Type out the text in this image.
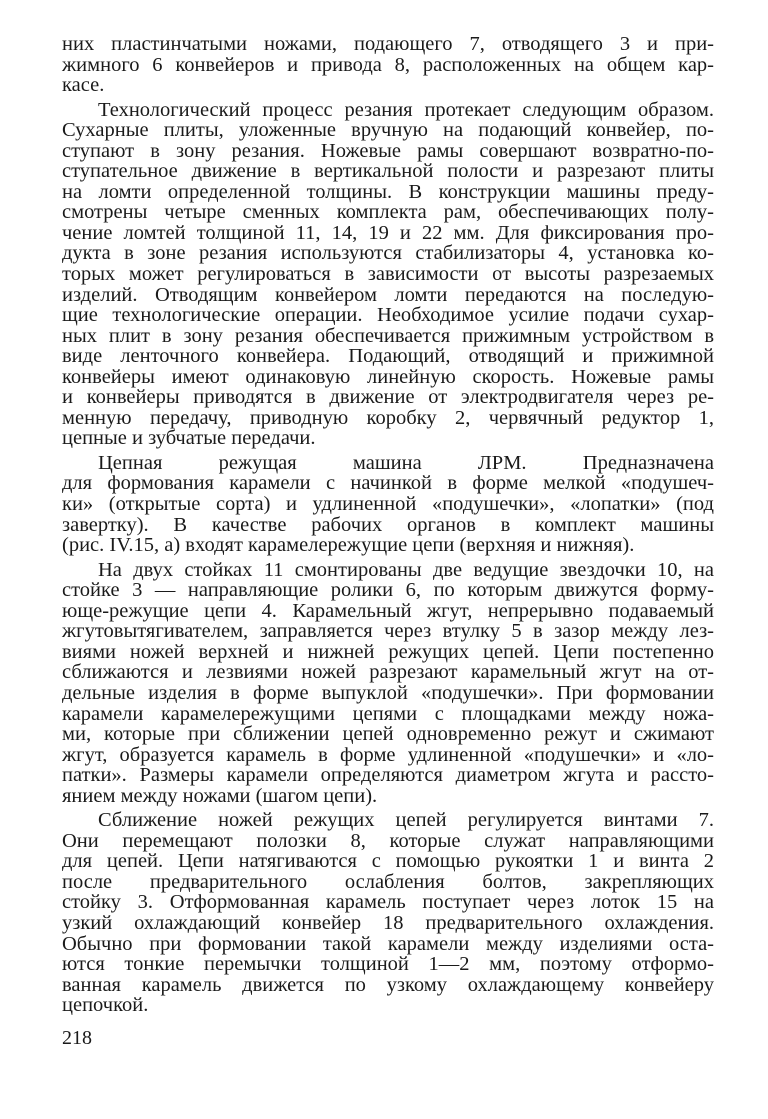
них пластинчатыми ножами, подающего 7, отводящего 3 и при-
жимного 6 конвейеров и привода 8, расположенных на общем кар-
касе.
Технологический процесс резания протекает следующим образом.
Сухарные плиты, уложенные вручную на подающий конвейер, по-
ступают в зону резания. Ножевые рамы совершают возвратно-по-
ступательное движение в вертикальной полости и разрезают плиты
на ломти определенной толщины. В конструкции машины преду-
смотрены четыре сменных комплекта рам, обеспечивающих полу-
чение ломтей толщиной 11, 14, 19 и 22 мм. Для фиксирования про-
дукта в зоне резания используются стабилизаторы 4, установка ко-
торых может регулироваться в зависимости от высоты разрезаемых
изделий. Отводящим конвейером ломти передаются на последую-
щие технологические операции. Необходимое усилие подачи сухар-
ных плит в зону резания обеспечивается прижимным устройством в
виде ленточного конвейера. Подающий, отводящий и прижимной
конвейеры имеют одинаковую линейную скорость. Ножевые рамы
и конвейеры приводятся в движение от электродвигателя через ре-
менную передачу, приводную коробку 2, червячный редуктор 1,
цепные и зубчатые передачи.
Цепная режущая машина ЛРМ. Предназначена
для формования карамели с начинкой в форме мелкой «подушеч-
ки» (открытые сорта) и удлиненной «подушечки», «лопатки» (под
завертку). В качестве рабочих органов в комплект машины
(рис. IV.15, а) входят карамелережущие цепи (верхняя и нижняя).
На двух стойках 11 смонтированы две ведущие звездочки 10, на
стойке 3 — направляющие ролики 6, по которым движутся форму-
юще-режущие цепи 4. Карамельный жгут, непрерывно подаваемый
жгутовытягивателем, заправляется через втулку 5 в зазор между лез-
виями ножей верхней и нижней режущих цепей. Цепи постепенно
сближаются и лезвиями ножей разрезают карамельный жгут на от-
дельные изделия в форме выпуклой «подушечки». При формовании
карамели карамелережущими цепями с площадками между ножа-
ми, которые при сближении цепей одновременно режут и сжимают
жгут, образуется карамель в форме удлиненной «подушечки» и «ло-
патки». Размеры карамели определяются диаметром жгута и рассто-
янием между ножами (шагом цепи).
Сближение ножей режущих цепей регулируется винтами 7.
Они перемещают полозки 8, которые служат направляющими
для цепей. Цепи натягиваются с помощью рукоятки 1 и винта 2
после предварительного ослабления болтов, закрепляющих
стойку 3. Отформованная карамель поступает через лоток 15 на
узкий охлаждающий конвейер 18 предварительного охлаждения.
Обычно при формовании такой карамели между изделиями оста-
ются тонкие перемычки толщиной 1—2 мм, поэтому отформо-
ванная карамель движется по узкому охлаждающему конвейеру
цепочкой.
218
